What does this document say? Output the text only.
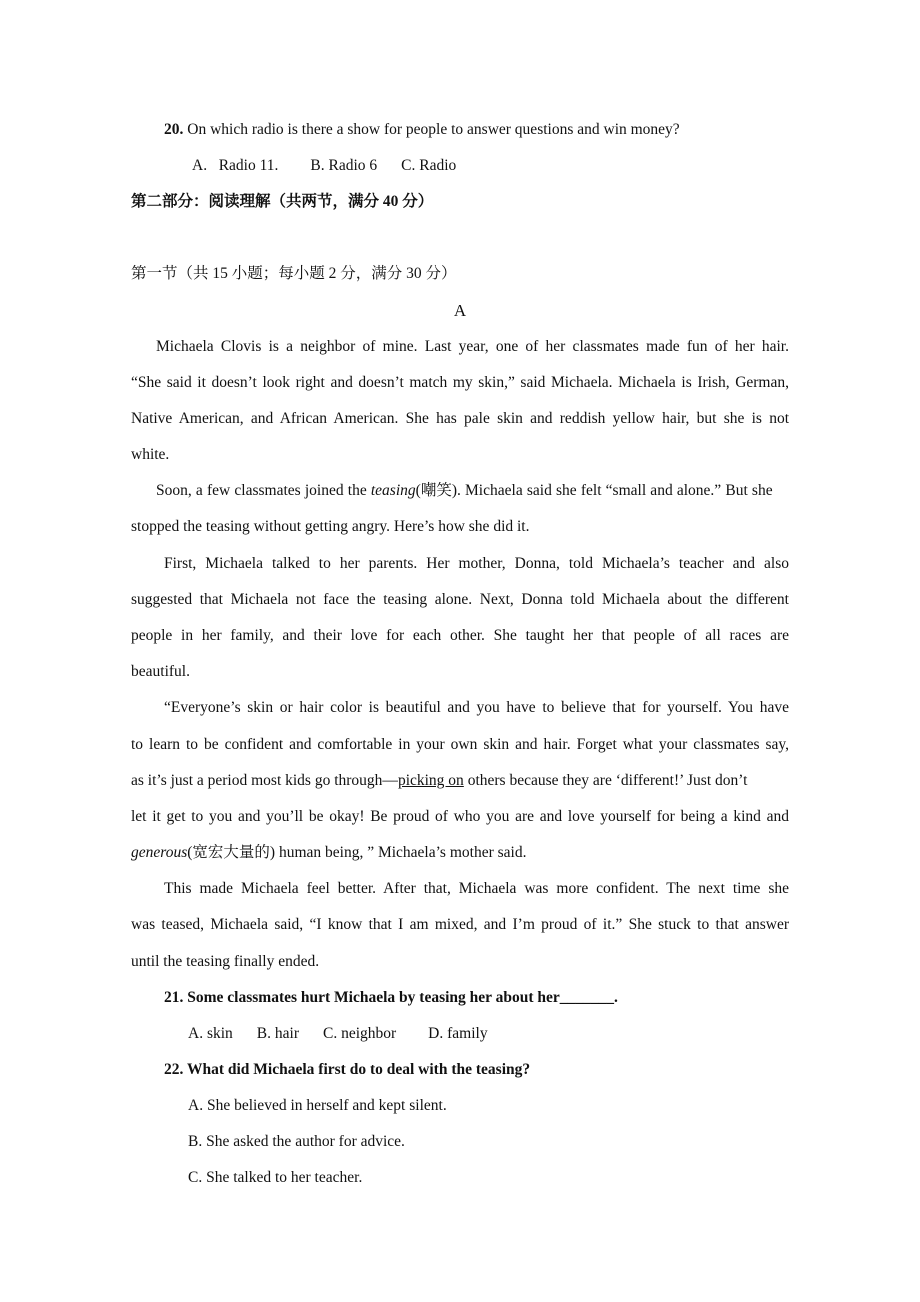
20. On which radio is there a show for people to answer questions and win money?
A.   Radio 11. B. Radio 6 C. Radio
第二部分：阅读理解（共两节，满分 40 分）
第一节（共 15 小题；每小题 2 分，满分 30 分）
A
Michaela Clovis is a neighbor of mine. Last year, one of her classmates made fun of her hair.
“She said it doesn’t look right and doesn’t match my skin,” said Michaela. Michaela is Irish, German,
Native American, and African American. She has pale skin and reddish yellow hair, but she is not
white.
Soon, a few classmates joined the teasing(嘲笑). Michaela said she felt “small and alone.” But she
stopped the teasing without getting angry. Here’s how she did it.
First, Michaela talked to her parents. Her mother, Donna, told Michaela’s teacher and also
suggested that Michaela not face the teasing alone. Next, Donna told Michaela about the different
people in her family, and their love for each other. She taught her that people of all races are
beautiful.
“Everyone’s skin or hair color is beautiful and you have to believe that for yourself. You have
to learn to be confident and comfortable in your own skin and hair. Forget what your classmates say,
as it’s just a period most kids go through—picking on others because they are ‘different!’ Just don’t
let it get to you and you’ll be okay! Be proud of who you are and love yourself for being a kind and
generous(宽宏大量的) human being, ” Michaela’s mother said.
This made Michaela feel better. After that, Michaela was more confident. The next time she
was teased, Michaela said, “I know that I am mixed, and I’m proud of it.” She stuck to that answer
until the teasing finally ended.
21. Some classmates hurt Michaela by teasing her about her_______.
A. skin B. hair C. neighbor D. family
22. What did Michaela first do to deal with the teasing?
A. She believed in herself and kept silent.
B. She asked the author for advice.
C. She talked to her teacher.
